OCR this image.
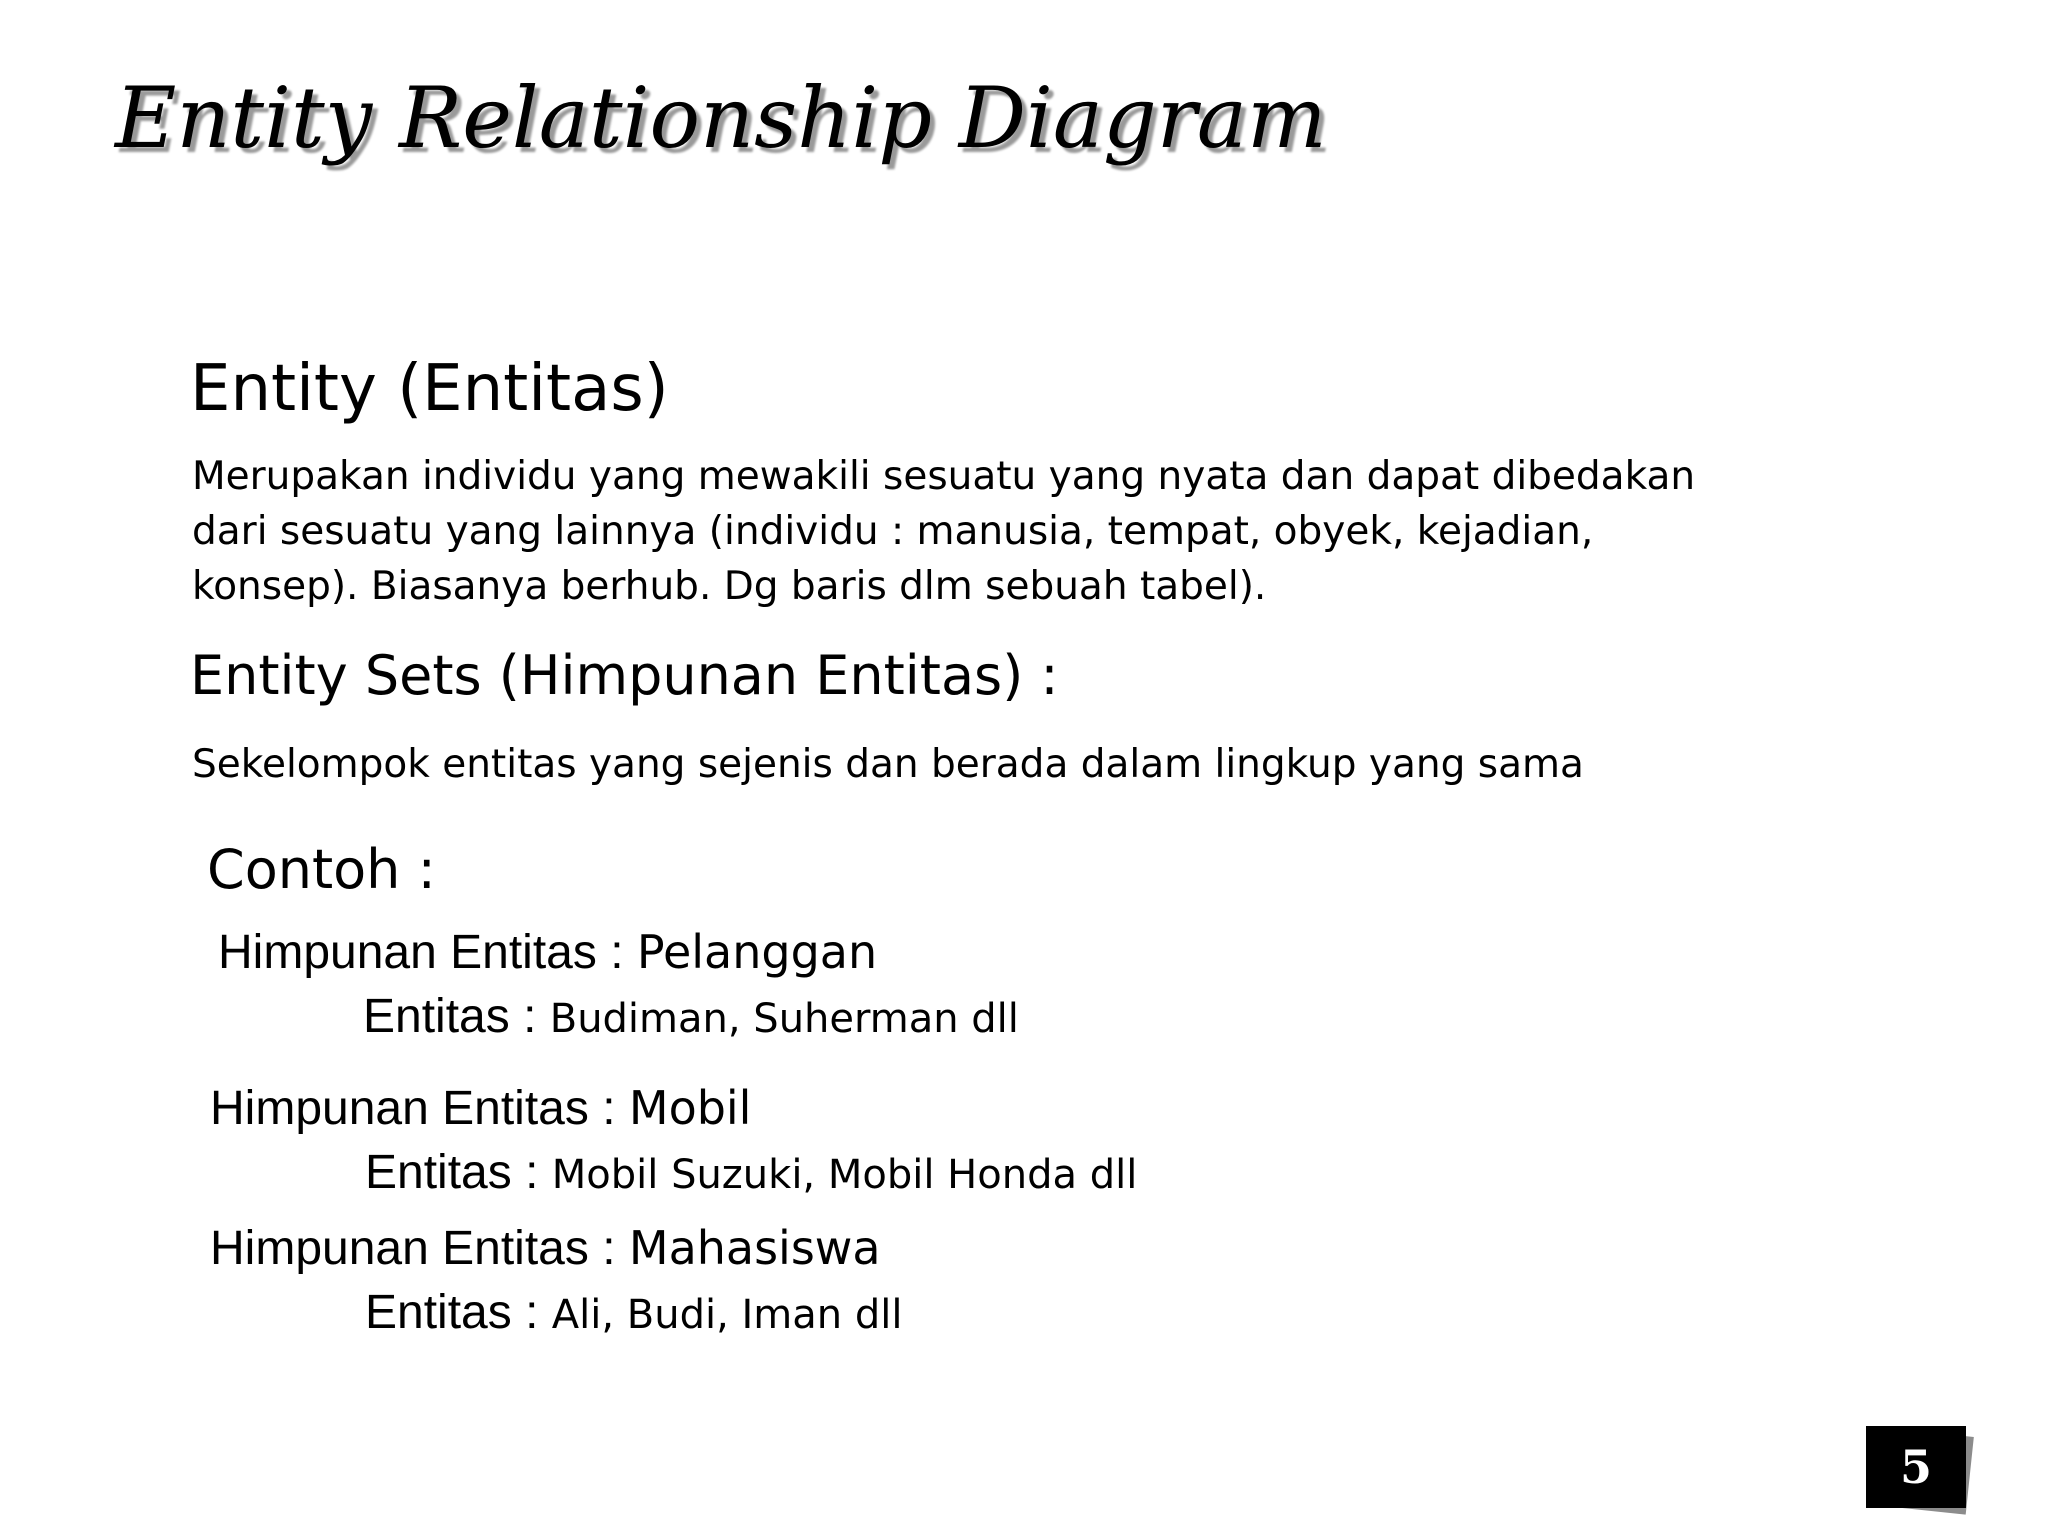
Entity Relationship Diagram
Entity (Entitas)

Merupakan individu yang mewakili sesuatu yang nyata dan dapat dibedakan
dari sesuatu yang lainnya (individu : manusia, tempat, obyek, kejadian,
konsep). Biasanya berhub. Dg baris dlm sebuah tabel).

Entity Sets (Himpunan Entitas) :

Sekelompok entitas yang sejenis dan berada dalam lingkup yang sama

Contoh :
Himpunan Entitas : Pelanggan
Entitas : Budiman, Suherman dll
Himpunan Entitas : Mobil
Entitas : Mobil Suzuki, Mobil Honda dll
Himpunan Entitas : Mahasiswa
Entitas : Ali, Budi, Iman dll
5
